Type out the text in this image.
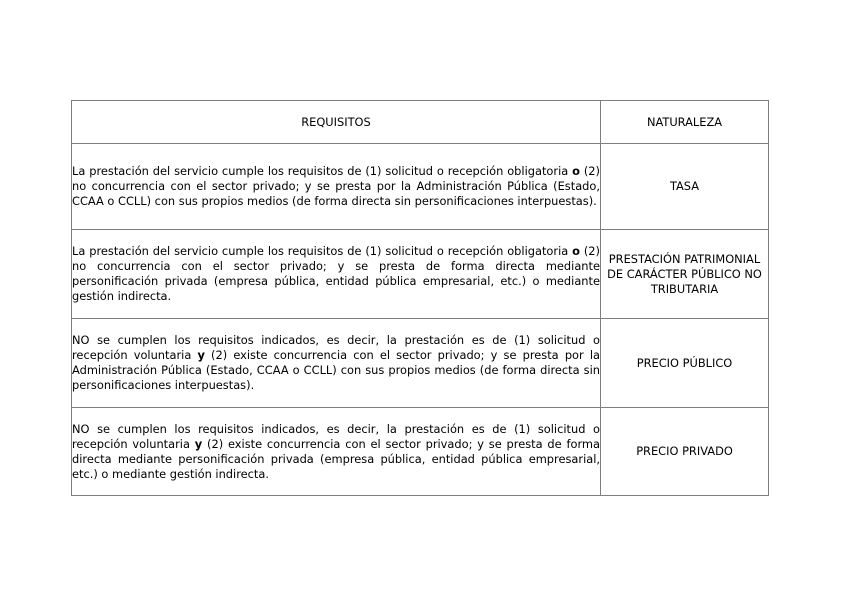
REQUISITOS	NATURALEZA
La prestación del servicio cumple los requisitos de (1) solicitud o recepción obligatoria o (2) no concurrencia con el sector privado; y se presta por la Administración Pública (Estado, CCAA o CCLL) con sus propios medios (de forma directa sin personificaciones interpuestas).	TASA
La prestación del servicio cumple los requisitos de (1) solicitud o recepción obligatoria o (2) no concurrencia con el sector privado; y se presta de forma directa mediante personificación privada (empresa pública, entidad pública empresarial, etc.) o mediante gestión indirecta.	PRESTACIÓN PATRIMONIAL DE CARÁCTER PÚBLICO NO TRIBUTARIA
NO se cumplen los requisitos indicados, es decir, la prestación es de (1) solicitud o recepción voluntaria y (2) existe concurrencia con el sector privado; y se presta por la Administración Pública (Estado, CCAA o CCLL) con sus propios medios (de forma directa sin personificaciones interpuestas).	PRECIO PÚBLICO
NO se cumplen los requisitos indicados, es decir, la prestación es de (1) solicitud o recepción voluntaria y (2) existe concurrencia con el sector privado; y se presta de forma directa mediante personificación privada (empresa pública, entidad pública empresarial, etc.) o mediante gestión indirecta.	PRECIO PRIVADO
